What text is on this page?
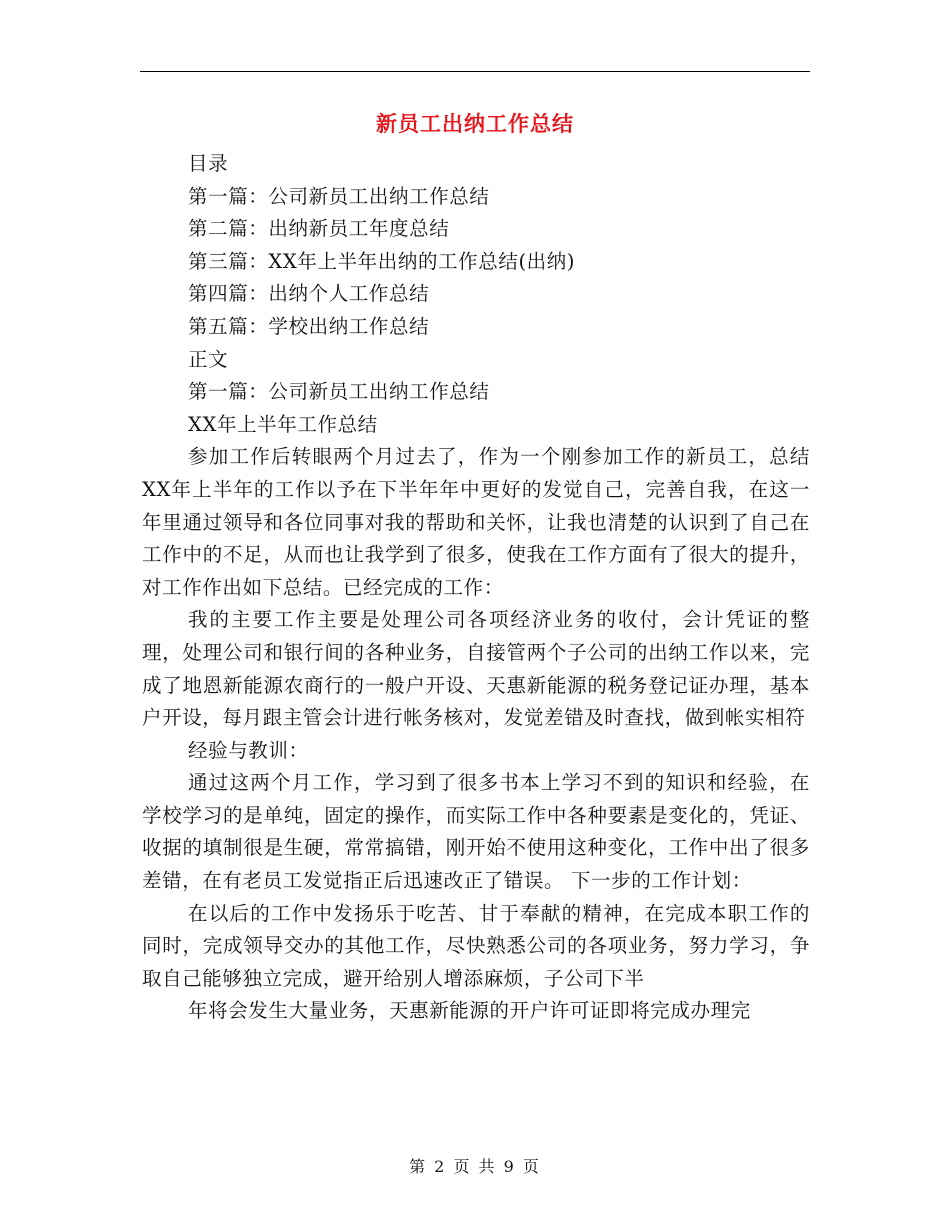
新员工出纳工作总结

目录

第一篇：公司新员工出纳工作总结

第二篇：出纳新员工年度总结

第三篇：XX年上半年出纳的工作总结(出纳)

第四篇：出纳个人工作总结

第五篇：学校出纳工作总结

正文

第一篇：公司新员工出纳工作总结

XX年上半年工作总结

参加工作后转眼两个月过去了，作为一个刚参加工作的新员工，总结XX年上半年的工作以予在下半年年中更好的发觉自己，完善自我，在这一年里通过领导和各位同事对我的帮助和关怀，让我也清楚的认识到了自己在工作中的不足，从而也让我学到了很多，使我在工作方面有了很大的提升，对工作作出如下总结。已经完成的工作：

我的主要工作主要是处理公司各项经济业务的收付，会计凭证的整理，处理公司和银行间的各种业务，自接管两个子公司的出纳工作以来，完成了地恩新能源农商行的一般户开设、天惠新能源的税务登记证办理，基本户开设，每月跟主管会计进行帐务核对，发觉差错及时查找，做到帐实相符

经验与教训：

通过这两个月工作，学习到了很多书本上学习不到的知识和经验，在学校学习的是单纯，固定的操作，而实际工作中各种要素是变化的，凭证、收据的填制很是生硬，常常搞错，刚开始不使用这种变化，工作中出了很多差错，在有老员工发觉指正后迅速改正了错误。 下一步的工作计划：

在以后的工作中发扬乐于吃苦、甘于奉献的精神，在完成本职工作的同时，完成领导交办的其他工作，尽快熟悉公司的各项业务，努力学习，争取自己能够独立完成，避开给别人增添麻烦，子公司下半

年将会发生大量业务，天惠新能源的开户许可证即将完成办理完

第 2 页 共 9 页
